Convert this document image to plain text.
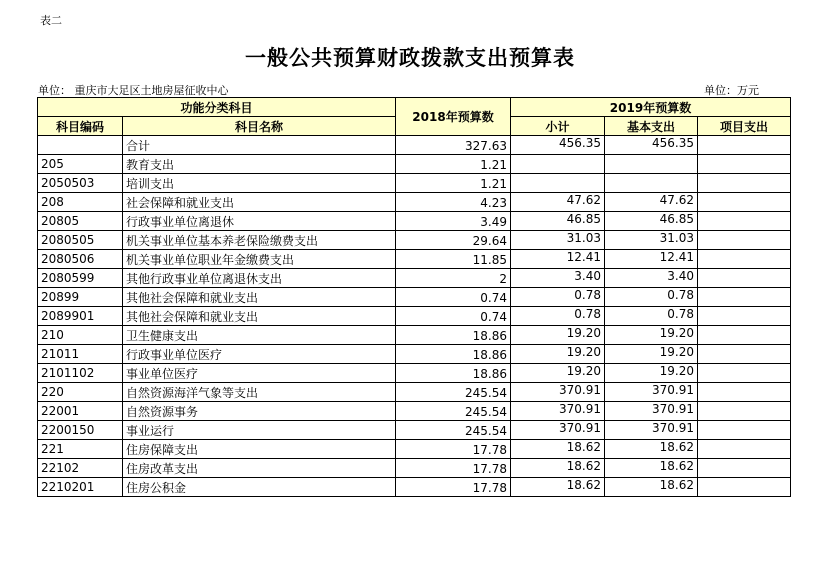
表二
一般公共预算财政拨款支出预算表
单位： 重庆市大足区土地房屋征收中心	单位：万元
功能分类科目		2018年预算数	2019年预算数		
科目编码	科目名称		小计	基本支出	项目支出
	合计	327.63	456.35	456.35	
205	教育支出	1.21			
2050503	培训支出	1.21			
208	社会保障和就业支出	4.23	47.62	47.62	
20805	行政事业单位离退休	3.49	46.85	46.85	
2080505	机关事业单位基本养老保险缴费支出	29.64	31.03	31.03	
2080506	机关事业单位职业年金缴费支出	11.85	12.41	12.41	
2080599	其他行政事业单位离退休支出	2	3.40	3.40	
20899	其他社会保障和就业支出	0.74	0.78	0.78	
2089901	其他社会保障和就业支出	0.74	0.78	0.78	
210	卫生健康支出	18.86	19.20	19.20	
21011	行政事业单位医疗	18.86	19.20	19.20	
2101102	事业单位医疗	18.86	19.20	19.20	
220	自然资源海洋气象等支出	245.54	370.91	370.91	
22001	自然资源事务	245.54	370.91	370.91	
2200150	事业运行	245.54	370.91	370.91	
221	住房保障支出	17.78	18.62	18.62	
22102	住房改革支出	17.78	18.62	18.62	
2210201	住房公积金	17.78	18.62	18.62	
